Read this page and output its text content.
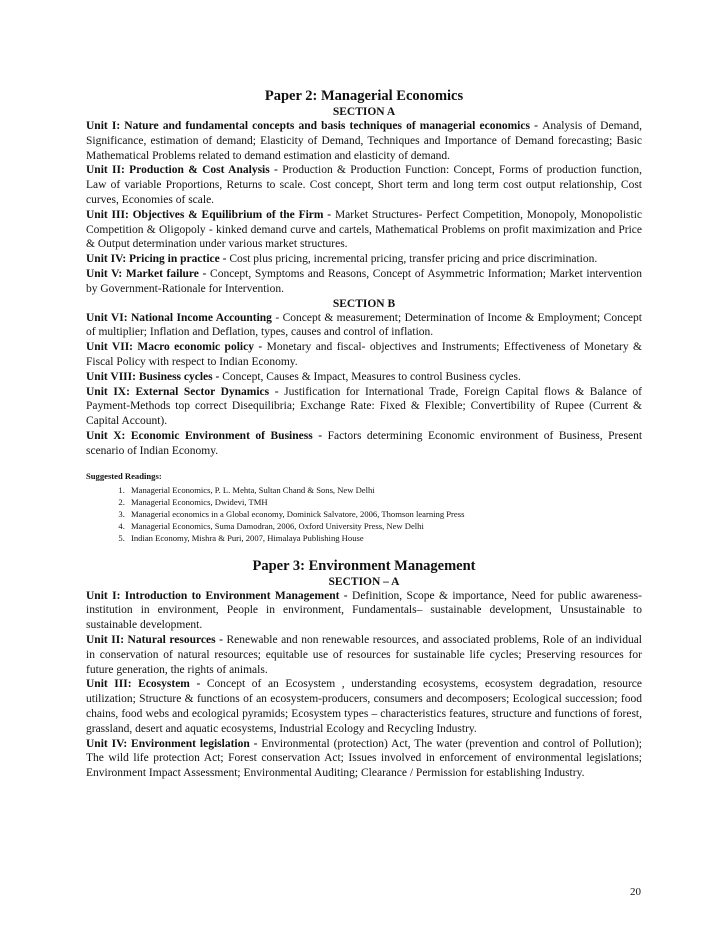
Paper 2: Managerial Economics

SECTION A

Unit I: Nature and fundamental concepts and basis techniques of managerial economics - Analysis of Demand, Significance, estimation of demand; Elasticity of Demand, Techniques and Importance of Demand forecasting; Basic Mathematical Problems related to demand estimation and elasticity of demand.

Unit II: Production & Cost Analysis - Production & Production Function: Concept, Forms of production function, Law of variable Proportions, Returns to scale. Cost concept, Short term and long term cost output relationship, Cost curves, Economies of scale.

Unit III: Objectives & Equilibrium of the Firm - Market Structures- Perfect Competition, Monopoly, Monopolistic Competition & Oligopoly - kinked demand curve and cartels, Mathematical Problems on profit maximization and Price & Output determination under various market structures.

Unit IV: Pricing in practice - Cost plus pricing, incremental pricing, transfer pricing and price discrimination.

Unit V: Market failure - Concept, Symptoms and Reasons, Concept of Asymmetric Information; Market intervention by Government-Rationale for Intervention.

SECTION B

Unit VI: National Income Accounting - Concept & measurement; Determination of Income & Employment; Concept of multiplier; Inflation and Deflation, types, causes and control of inflation.

Unit VII: Macro economic policy - Monetary and fiscal- objectives and Instruments; Effectiveness of Monetary & Fiscal Policy with respect to Indian Economy.

Unit VIII: Business cycles - Concept, Causes & Impact, Measures to control Business cycles.

Unit IX: External Sector Dynamics - Justification for International Trade, Foreign Capital flows & Balance of Payment-Methods top correct Disequilibria; Exchange Rate: Fixed & Flexible; Convertibility of Rupee (Current & Capital Account).

Unit X: Economic Environment of Business - Factors determining Economic environment of Business, Present scenario of Indian Economy.

Suggested Readings:

1. Managerial Economics, P. L. Mehta, Sultan Chand & Sons, New Delhi
2. Managerial Economics, Dwidevi, TMH
3. Managerial economics in a Global economy, Dominick Salvatore, 2006, Thomson learning Press
4. Managerial Economics, Suma Damodran, 2006, Oxford University Press, New Delhi
5. Indian Economy, Mishra & Puri, 2007, Himalaya Publishing House

Paper 3: Environment Management

SECTION – A

Unit I: Introduction to Environment Management - Definition, Scope & importance, Need for public awareness- institution in environment, People in environment, Fundamentals– sustainable development, Unsustainable to sustainable development.

Unit II: Natural resources - Renewable and non renewable resources, and associated problems, Role of an individual in conservation of natural resources; equitable use of resources for sustainable life cycles; Preserving resources for future generation, the rights of animals.

Unit III: Ecosystem - Concept of an Ecosystem , understanding ecosystems, ecosystem degradation, resource utilization; Structure & functions of an ecosystem-producers, consumers and decomposers; Ecological succession; food chains, food webs and ecological pyramids; Ecosystem types – characteristics features, structure and functions of forest, grassland, desert and aquatic ecosystems, Industrial Ecology and Recycling Industry.

Unit IV: Environment legislation - Environmental (protection) Act, The water (prevention and control of Pollution); The wild life protection Act; Forest conservation Act; Issues involved in enforcement of environmental legislations; Environment Impact Assessment; Environmental Auditing; Clearance / Permission for establishing Industry.

20
